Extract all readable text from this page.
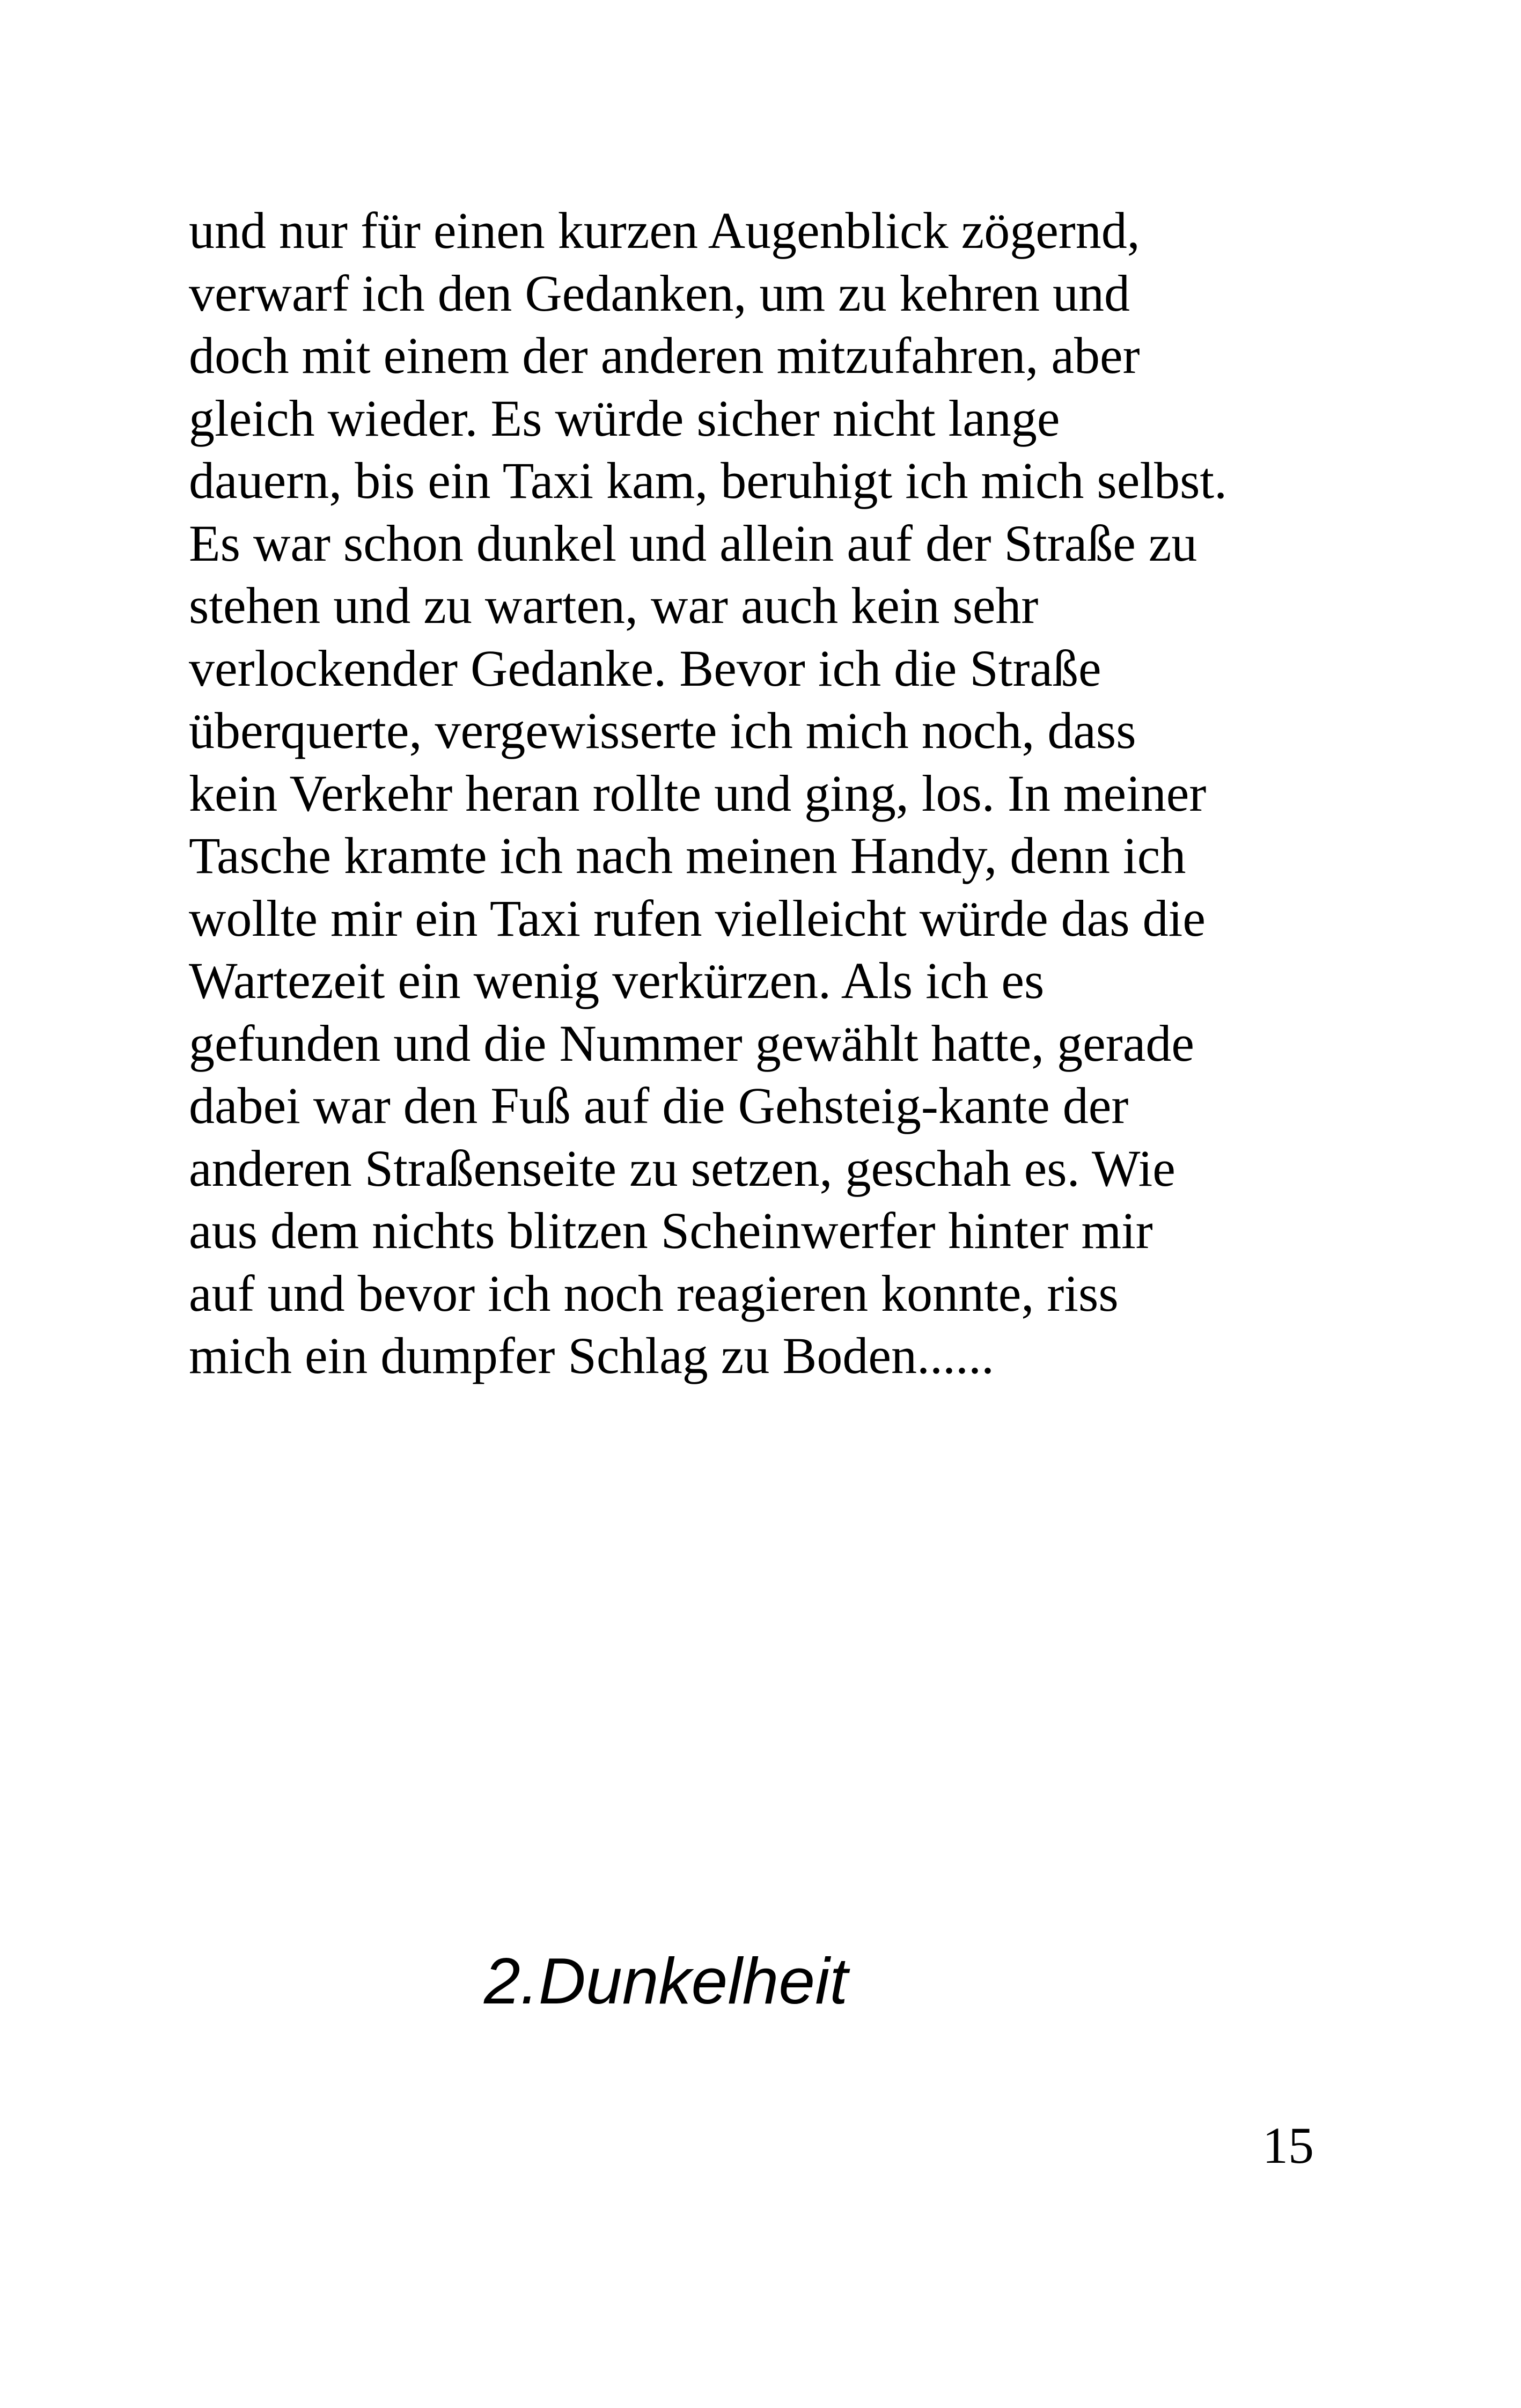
und nur für einen kurzen Augenblick zögernd,
verwarf ich den Gedanken, um zu kehren und
doch mit einem der anderen mitzufahren, aber
gleich wieder. Es würde sicher nicht lange
dauern, bis ein Taxi kam, beruhigt ich mich selbst.
Es war schon dunkel und allein auf der Straße zu
stehen und zu warten, war auch kein sehr
verlockender Gedanke. Bevor ich die Straße
überquerte, vergewisserte ich mich noch, dass
kein Verkehr heran rollte und ging, los. In meiner
Tasche kramte ich nach meinen Handy, denn ich
wollte mir ein Taxi rufen vielleicht würde das die
Wartezeit ein wenig verkürzen. Als ich es
gefunden und die Nummer gewählt hatte, gerade
dabei war den Fuß auf die Gehsteig-kante der
anderen Straßenseite zu setzen, geschah es. Wie
aus dem nichts blitzen Scheinwerfer hinter mir
auf und bevor ich noch reagieren konnte, riss
mich ein dumpfer Schlag zu Boden......

2.Dunkelheit
15
